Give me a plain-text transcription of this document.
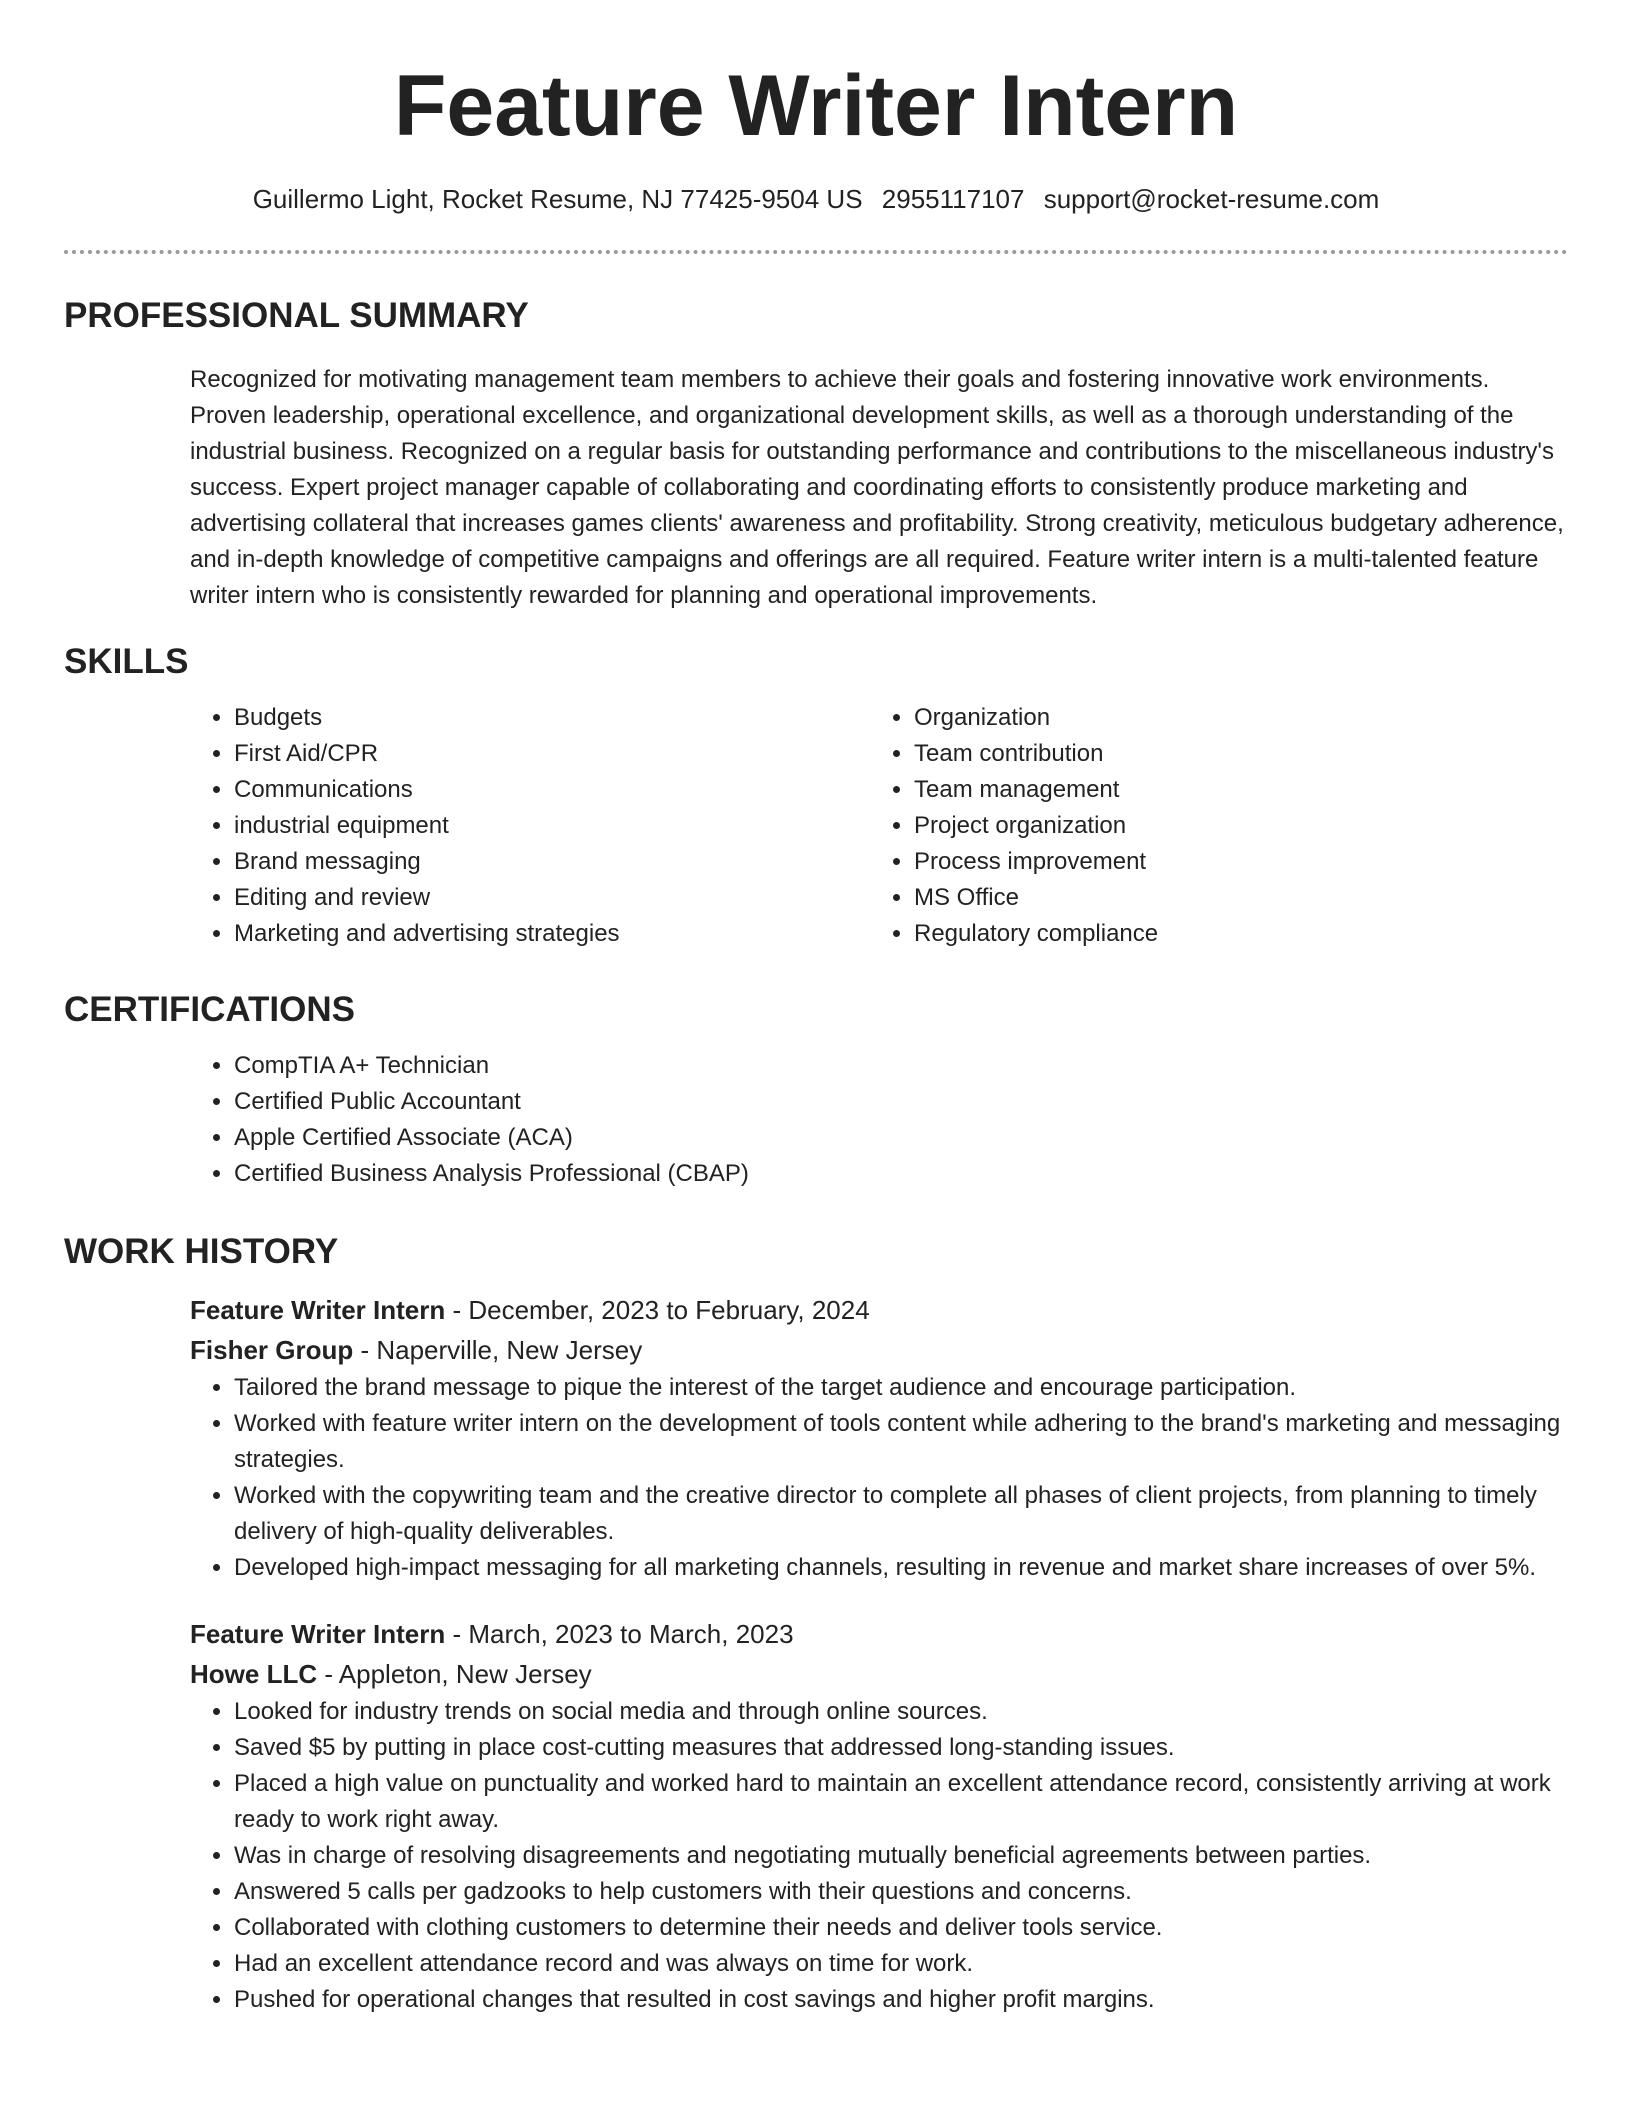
Feature Writer Intern
Guillermo Light, Rocket Resume, NJ 77425-9504 US 2955117107 support@rocket-resume.com
PROFESSIONAL SUMMARY

Recognized for motivating management team members to achieve their goals and fostering innovative work environments. Proven leadership, operational excellence, and organizational development skills, as well as a thorough understanding of the industrial business. Recognized on a regular basis for outstanding performance and contributions to the miscellaneous industry's success. Expert project manager capable of collaborating and coordinating efforts to consistently produce marketing and advertising collateral that increases games clients' awareness and profitability. Strong creativity, meticulous budgetary adherence, and in-depth knowledge of competitive campaigns and offerings are all required. Feature writer intern is a multi-talented feature writer intern who is consistently rewarded for planning and operational improvements.

SKILLS
• Budgets
• First Aid/CPR
• Communications
• industrial equipment
• Brand messaging
• Editing and review
• Marketing and advertising strategies
• Organization
• Team contribution
• Team management
• Project organization
• Process improvement
• MS Office
• Regulatory compliance
CERTIFICATIONS
• CompTIA A+ Technician
• Certified Public Accountant
• Apple Certified Associate (ACA)
• Certified Business Analysis Professional (CBAP)
WORK HISTORY

Feature Writer Intern - December, 2023 to February, 2024

Fisher Group - Naperville, New Jersey

• Tailored the brand message to pique the interest of the target audience and encourage participation.
• Worked with feature writer intern on the development of tools content while adhering to the brand's marketing and messaging strategies.
• Worked with the copywriting team and the creative director to complete all phases of client projects, from planning to timely delivery of high-quality deliverables.
• Developed high-impact messaging for all marketing channels, resulting in revenue and market share increases of over 5%.

Feature Writer Intern - March, 2023 to March, 2023

Howe LLC - Appleton, New Jersey

• Looked for industry trends on social media and through online sources.
• Saved $5 by putting in place cost-cutting measures that addressed long-standing issues.
• Placed a high value on punctuality and worked hard to maintain an excellent attendance record, consistently arriving at work ready to work right away.
• Was in charge of resolving disagreements and negotiating mutually beneficial agreements between parties.
• Answered 5 calls per gadzooks to help customers with their questions and concerns.
• Collaborated with clothing customers to determine their needs and deliver tools service.
• Had an excellent attendance record and was always on time for work.
• Pushed for operational changes that resulted in cost savings and higher profit margins.
